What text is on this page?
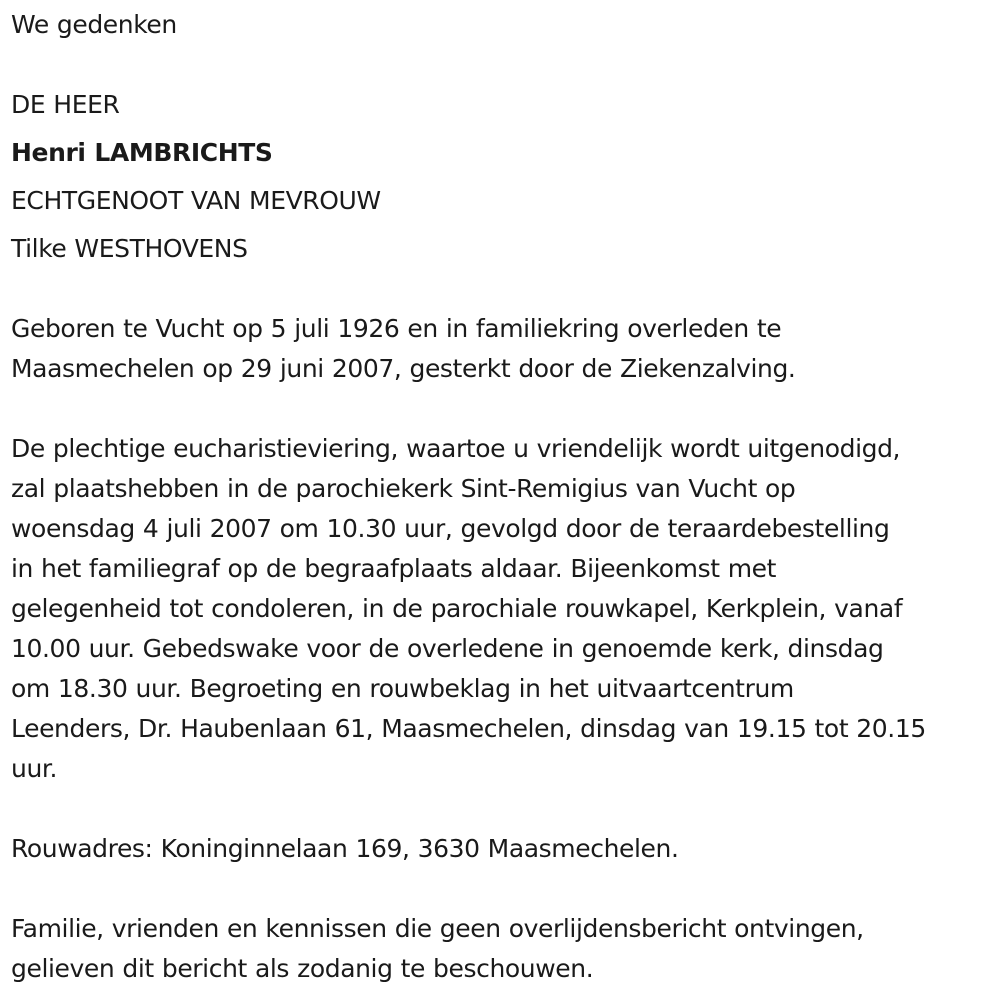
We gedenken
DE HEER
Henri LAMBRICHTS
ECHTGENOOT VAN MEVROUW
Tilke WESTHOVENS
Geboren te Vucht op 5 juli 1926 en in familiekring overleden te
Maasmechelen op 29 juni 2007, gesterkt door de Ziekenzalving.
De plechtige eucharistieviering, waartoe u vriendelijk wordt uitgenodigd,
zal plaatshebben in de parochiekerk Sint-Remigius van Vucht op
woensdag 4 juli 2007 om 10.30 uur, gevolgd door de teraardebestelling
in het familiegraf op de begraafplaats aldaar. Bijeenkomst met
gelegenheid tot condoleren, in de parochiale rouwkapel, Kerkplein, vanaf
10.00 uur. Gebedswake voor de overledene in genoemde kerk, dinsdag
om 18.30 uur. Begroeting en rouwbeklag in het uitvaartcentrum
Leenders, Dr. Haubenlaan 61, Maasmechelen, dinsdag van 19.15 tot 20.15
uur.
Rouwadres: Koninginnelaan 169, 3630 Maasmechelen.
Familie, vrienden en kennissen die geen overlijdensbericht ontvingen,
gelieven dit bericht als zodanig te beschouwen.
